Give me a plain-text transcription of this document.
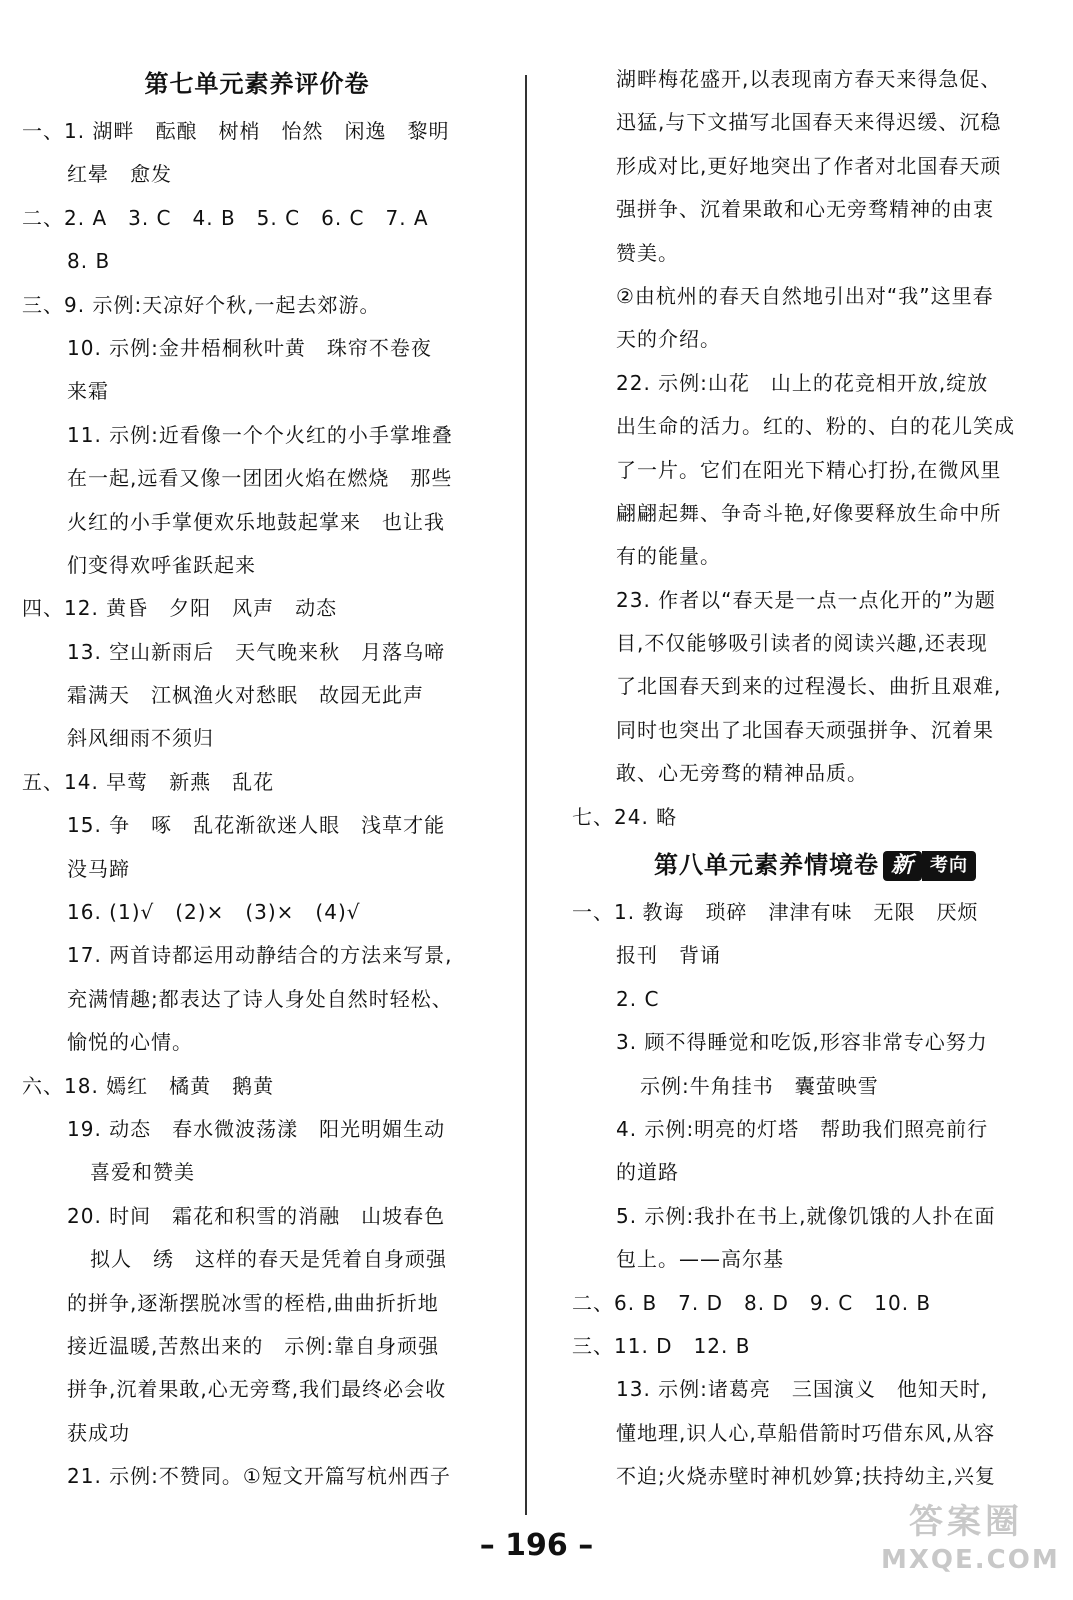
第七单元素养评价卷
一、1. 湖畔　酝酿　树梢　怡然　闲逸　黎明
红晕　愈发
二、2. A　3. C　4. B　5. C　6. C　7. A
8. B
三、9. 示例:天凉好个秋,一起去郊游。
10. 示例:金井梧桐秋叶黄　珠帘不卷夜
来霜
11. 示例:近看像一个个火红的小手掌堆叠
在一起,远看又像一团团火焰在燃烧　那些
火红的小手掌便欢乐地鼓起掌来　也让我
们变得欢呼雀跃起来
四、12. 黄昏　夕阳　风声　动态
13. 空山新雨后　天气晚来秋　月落乌啼
霜满天　江枫渔火对愁眠　故园无此声
斜风细雨不须归
五、14. 早莺　新燕　乱花
15. 争　啄　乱花渐欲迷人眼　浅草才能
没马蹄
16. (1)√　(2)×　(3)×　(4)√
17. 两首诗都运用动静结合的方法来写景,
充满情趣;都表达了诗人身处自然时轻松、
愉悦的心情。
六、18. 嫣红　橘黄　鹅黄
19. 动态　春水微波荡漾　阳光明媚生动
喜爱和赞美
20. 时间　霜花和积雪的消融　山坡春色
拟人　绣　这样的春天是凭着自身顽强
的拼争,逐渐摆脱冰雪的桎梏,曲曲折折地
接近温暖,苦熬出来的　示例:靠自身顽强
拼争,沉着果敢,心无旁骛,我们最终必会收
获成功
21. 示例:不赞同。①短文开篇写杭州西子
湖畔梅花盛开,以表现南方春天来得急促、
迅猛,与下文描写北国春天来得迟缓、沉稳
形成对比,更好地突出了作者对北国春天顽
强拼争、沉着果敢和心无旁骛精神的由衷
赞美。
②由杭州的春天自然地引出对“我”这里春
天的介绍。
22. 示例:山花　山上的花竞相开放,绽放
出生命的活力。红的、粉的、白的花儿笑成
了一片。它们在阳光下精心打扮,在微风里
翩翩起舞、争奇斗艳,好像要释放生命中所
有的能量。
23. 作者以“春天是一点一点化开的”为题
目,不仅能够吸引读者的阅读兴趣,还表现
了北国春天到来的过程漫长、曲折且艰难,
同时也突出了北国春天顽强拼争、沉着果
敢、心无旁骛的精神品质。
七、24. 略
第八单元素养情境卷 新 考向
一、1. 教诲　琐碎　津津有味　无限　厌烦
报刊　背诵
2. C
3. 顾不得睡觉和吃饭,形容非常专心努力
示例:牛角挂书　囊萤映雪
4. 示例:明亮的灯塔　帮助我们照亮前行
的道路
5. 示例:我扑在书上,就像饥饿的人扑在面
包上。——高尔基
二、6. B　7. D　8. D　9. C　10. B
三、11. D　12. B
13. 示例:诸葛亮　三国演义　他知天时,
懂地理,识人心,草船借箭时巧借东风,从容
不迫;火烧赤壁时神机妙算;扶持幼主,兴复
– 196 –
答案圈
MXQE.COM
